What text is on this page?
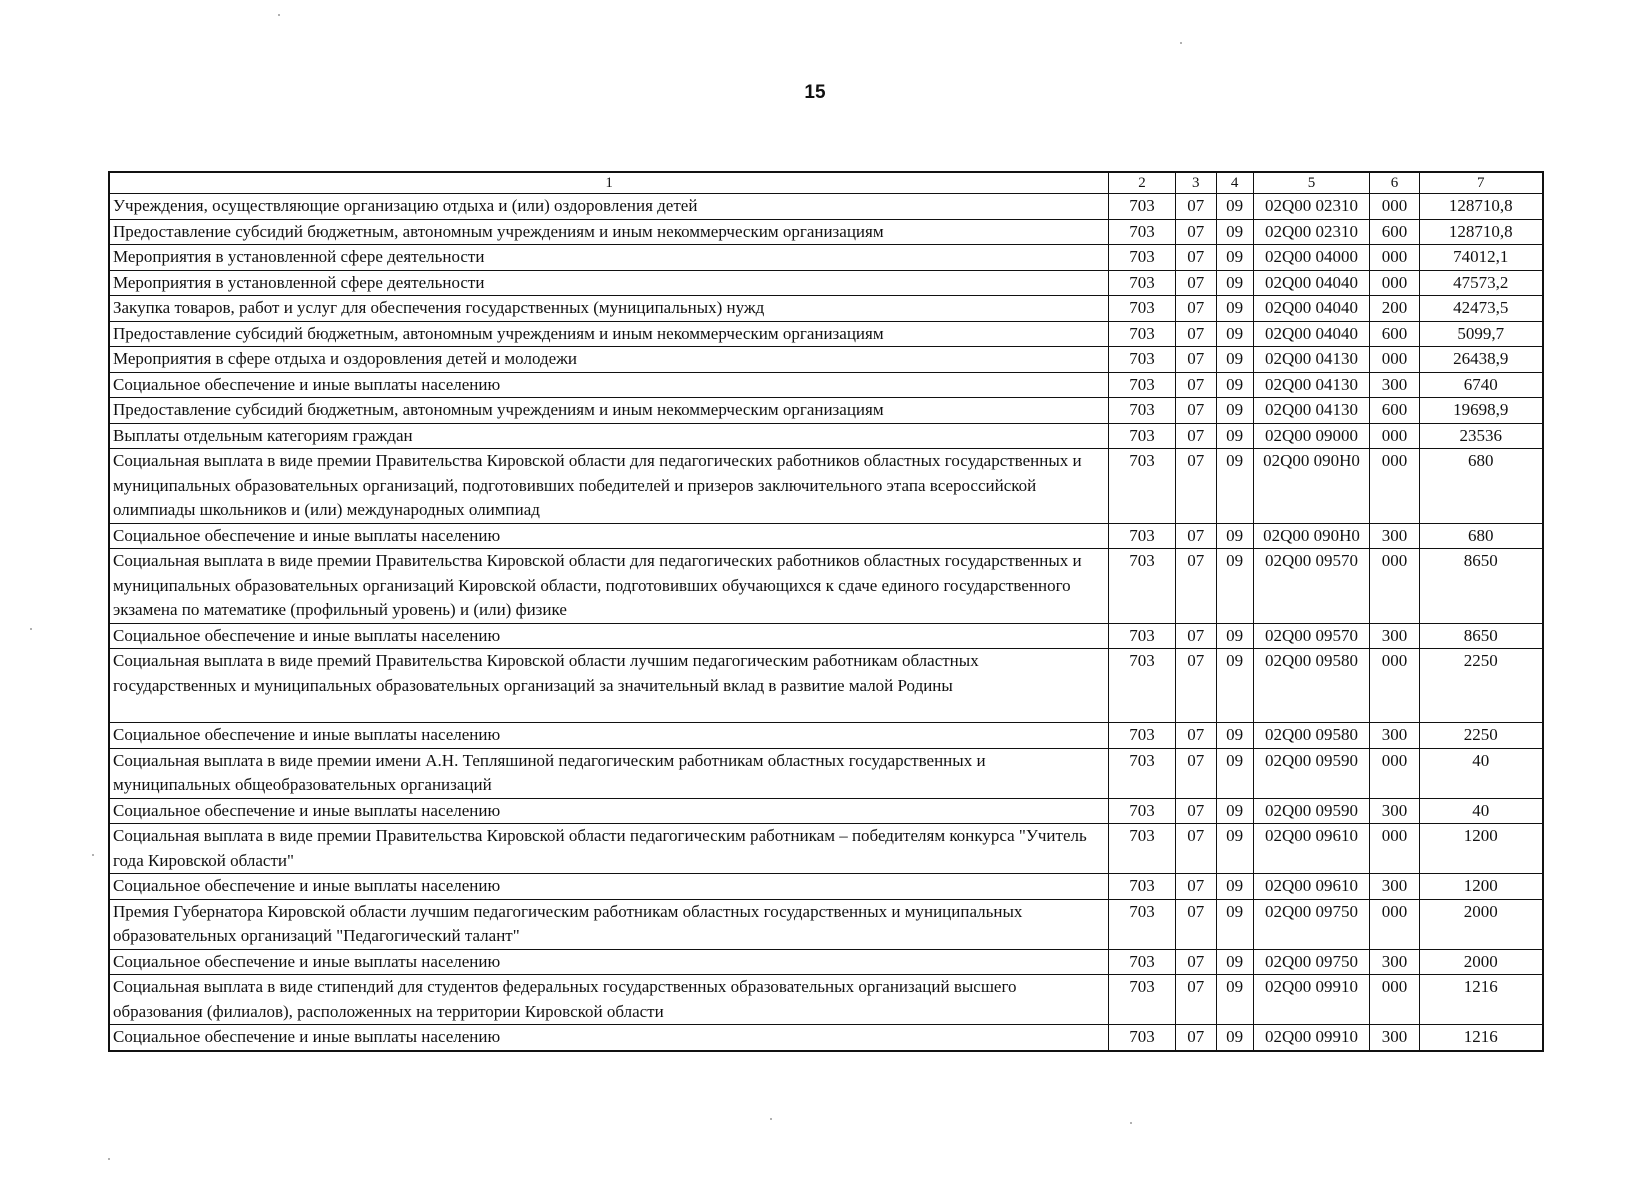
15
1	2	3	4	5	6	7
Учреждения, осуществляющие организацию отдыха и (или) оздоровления детей	703	07	09	02Q00 02310	000	128710,8
Предоставление субсидий бюджетным, автономным учреждениям и иным некоммерческим организациям	703	07	09	02Q00 02310	600	128710,8
Мероприятия в установленной сфере деятельности	703	07	09	02Q00 04000	000	74012,1
Мероприятия в установленной сфере деятельности	703	07	09	02Q00 04040	000	47573,2
Закупка товаров, работ и услуг для обеспечения государственных (муниципальных) нужд	703	07	09	02Q00 04040	200	42473,5
Предоставление субсидий бюджетным, автономным учреждениям и иным некоммерческим организациям	703	07	09	02Q00 04040	600	5099,7
Мероприятия в сфере отдыха и оздоровления детей и молодежи	703	07	09	02Q00 04130	000	26438,9
Социальное обеспечение и иные выплаты населению	703	07	09	02Q00 04130	300	6740
Предоставление субсидий бюджетным, автономным учреждениям и иным некоммерческим организациям	703	07	09	02Q00 04130	600	19698,9
Выплаты отдельным категориям граждан	703	07	09	02Q00 09000	000	23536
Социальная выплата в виде премии Правительства Кировской области для педагогических работников областных государственных и муниципальных образовательных организаций, подготовивших победителей и призеров заключительного этапа всероссийской олимпиады школьников и (или) международных олимпиад	703	07	09	02Q00 090Н0	000	680
Социальное обеспечение и иные выплаты населению	703	07	09	02Q00 090Н0	300	680
Социальная выплата в виде премии Правительства Кировской области для педагогических работников областных государственных и муниципальных образовательных организаций Кировской области, подготовивших обучающихся к сдаче единого государственного экзамена по математике (профильный уровень) и (или) физике	703	07	09	02Q00 09570	000	8650
Социальное обеспечение и иные выплаты населению	703	07	09	02Q00 09570	300	8650
Социальная выплата в виде премий Правительства Кировской области лучшим педагогическим работникам областных государственных и муниципальных образовательных организаций за значительный вклад в развитие малой Родины	703	07	09	02Q00 09580	000	2250
Социальное обеспечение и иные выплаты населению	703	07	09	02Q00 09580	300	2250
Социальная выплата в виде премии имени А.Н. Тепляшиной педагогическим работникам областных государственных и муниципальных общеобразовательных организаций	703	07	09	02Q00 09590	000	40
Социальное обеспечение и иные выплаты населению	703	07	09	02Q00 09590	300	40
Социальная выплата в виде премии Правительства Кировской области педагогическим работникам – победителям конкурса "Учитель года Кировской области"	703	07	09	02Q00 09610	000	1200
Социальное обеспечение и иные выплаты населению	703	07	09	02Q00 09610	300	1200
Премия Губернатора Кировской области лучшим педагогическим работникам областных государственных и муниципальных образовательных организаций "Педагогический талант"	703	07	09	02Q00 09750	000	2000
Социальное обеспечение и иные выплаты населению	703	07	09	02Q00 09750	300	2000
Социальная выплата в виде стипендий для студентов федеральных государственных образовательных организаций высшего образования (филиалов), расположенных на территории Кировской области	703	07	09	02Q00 09910	000	1216
Социальное обеспечение и иные выплаты населению	703	07	09	02Q00 09910	300	1216
